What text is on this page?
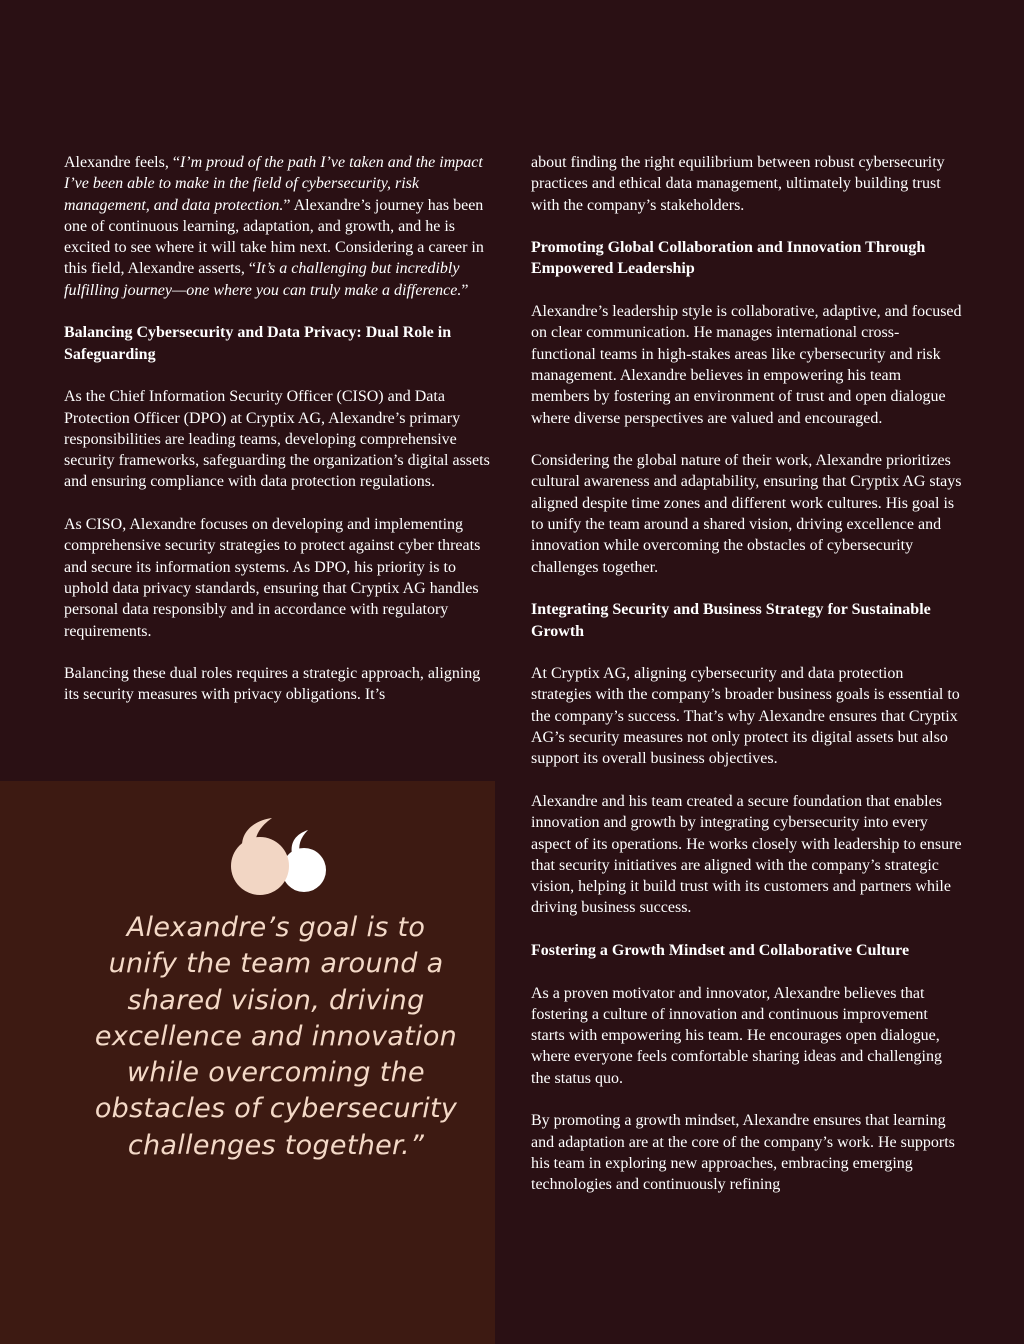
Alexandre feels, “I’m proud of the path I’ve taken and the impact I’ve been able to make in the field of cybersecurity, risk management, and data protection.” Alexandre’s journey has been one of continuous learning, adaptation, and growth, and he is excited to see where it will take him next. Considering a career in this field, Alexandre asserts, “It’s a challenging but incredibly fulfilling journey—one where you can truly make a difference.”

Balancing Cybersecurity and Data Privacy: Dual Role in Safeguarding

As the Chief Information Security Officer (CISO) and Data Protection Officer (DPO) at Cryptix AG, Alexandre’s primary responsibilities are leading teams, developing comprehensive security frameworks, safeguarding the organization’s digital assets and ensuring compliance with data protection regulations.

As CISO, Alexandre focuses on developing and implementing comprehensive security strategies to protect against cyber threats and secure its information systems. As DPO, his priority is to uphold data privacy standards, ensuring that Cryptix AG handles personal data responsibly and in accordance with regulatory requirements.

Balancing these dual roles requires a strategic approach, aligning its security measures with privacy obligations. It’s

Alexandre’s goal is to unify the team around a shared vision, driving excellence and innovation while overcoming the obstacles of cybersecurity challenges together.”

about finding the right equilibrium between robust cybersecurity practices and ethical data management, ultimately building trust with the company’s stakeholders.

Promoting Global Collaboration and Innovation Through Empowered Leadership

Alexandre’s leadership style is collaborative, adaptive, and focused on clear communication. He manages international cross-functional teams in high-stakes areas like cybersecurity and risk management. Alexandre believes in empowering his team members by fostering an environment of trust and open dialogue where diverse perspectives are valued and encouraged.

Considering the global nature of their work, Alexandre prioritizes cultural awareness and adaptability, ensuring that Cryptix AG stays aligned despite time zones and different work cultures. His goal is to unify the team around a shared vision, driving excellence and innovation while overcoming the obstacles of cybersecurity challenges together.

Integrating Security and Business Strategy for Sustainable Growth

At Cryptix AG, aligning cybersecurity and data protection strategies with the company’s broader business goals is essential to the company’s success. That’s why Alexandre ensures that Cryptix AG’s security measures not only protect its digital assets but also support its overall business objectives.

Alexandre and his team created a secure foundation that enables innovation and growth by integrating cybersecurity into every aspect of its operations. He works closely with leadership to ensure that security initiatives are aligned with the company’s strategic vision, helping it build trust with its customers and partners while driving business success.

Fostering a Growth Mindset and Collaborative Culture

As a proven motivator and innovator, Alexandre believes that fostering a culture of innovation and continuous improvement starts with empowering his team. He encourages open dialogue, where everyone feels comfortable sharing ideas and challenging the status quo.

By promoting a growth mindset, Alexandre ensures that learning and adaptation are at the core of the company’s work. He supports his team in exploring new approaches, embracing emerging technologies and continuously refining
